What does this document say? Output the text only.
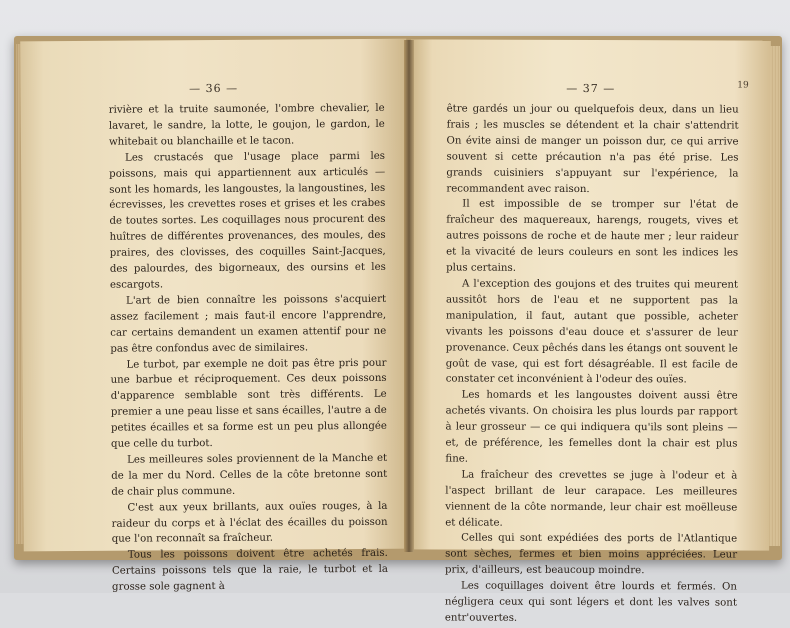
— 36 —

rivière et la truite saumonée, l'ombre chevalier, le lavaret, le sandre, la lotte, le goujon, le gardon, le whitebait ou blanchaille et le tacon.

Les crustacés que l'usage place parmi les poissons, mais qui appartiennent aux articulés — sont les homards, les langoustes, la langoustines, les écrevisses, les crevettes roses et grises et les crabes de toutes sortes. Les coquillages nous procurent des huîtres de différentes provenances, des moules, des praires, des clovisses, des coquilles Saint-Jacques, des palourdes, des bigorneaux, des oursins et les escargots.

L'art de bien connaître les poissons s'acquiert assez facilement ; mais faut-il encore l'apprendre, car certains demandent un examen attentif pour ne pas être confondus avec de similaires.

Le turbot, par exemple ne doit pas être pris pour une barbue et réciproquement. Ces deux poissons d'apparence semblable sont très différents. Le premier a une peau lisse et sans écailles, l'autre a de petites écailles et sa forme est un peu plus allongée que celle du turbot.

Les meilleures soles proviennent de la Manche et de la mer du Nord. Celles de la côte bretonne sont de chair plus commune.

C'est aux yeux brillants, aux ouïes rouges, à la raideur du corps et à l'éclat des écailles du poisson que l'on reconnaît sa fraîcheur.

Tous les poissons doivent être achetés frais. Certains poissons tels que la raie, le turbot et la grosse sole gagnent à

— 37 —	19

être gardés un jour ou quelquefois deux, dans un lieu frais ; les muscles se détendent et la chair s'attendrit On évite ainsi de manger un poisson dur, ce qui arrive souvent si cette précaution n'a pas été prise. Les grands cuisiniers s'appuyant sur l'expérience, la recommandent avec raison.

Il est impossible de se tromper sur l'état de fraîcheur des maquereaux, harengs, rougets, vives et autres poissons de roche et de haute mer ; leur raideur et la vivacité de leurs couleurs en sont les indices les plus certains.

A l'exception des goujons et des truites qui meurent aussitôt hors de l'eau et ne supportent pas la manipulation, il faut, autant que possible, acheter vivants les poissons d'eau douce et s'assurer de leur provenance. Ceux pêchés dans les étangs ont souvent le goût de vase, qui est fort désagréable. Il est facile de constater cet inconvénient à l'odeur des ouïes.

Les homards et les langoustes doivent aussi être achetés vivants. On choisira les plus lourds par rapport à leur grosseur — ce qui indiquera qu'ils sont pleins — et, de préférence, les femelles dont la chair est plus fine.

La fraîcheur des crevettes se juge à l'odeur et à l'aspect brillant de leur carapace. Les meilleures viennent de la côte normande, leur chair est moëlleuse et délicate.

Celles qui sont expédiées des ports de l'Atlantique sont sèches, fermes et bien moins appréciées. Leur prix, d'ailleurs, est beaucoup moindre.

Les coquillages doivent être lourds et fermés. On négligera ceux qui sont légers et dont les valves sont entr'ouvertes.
